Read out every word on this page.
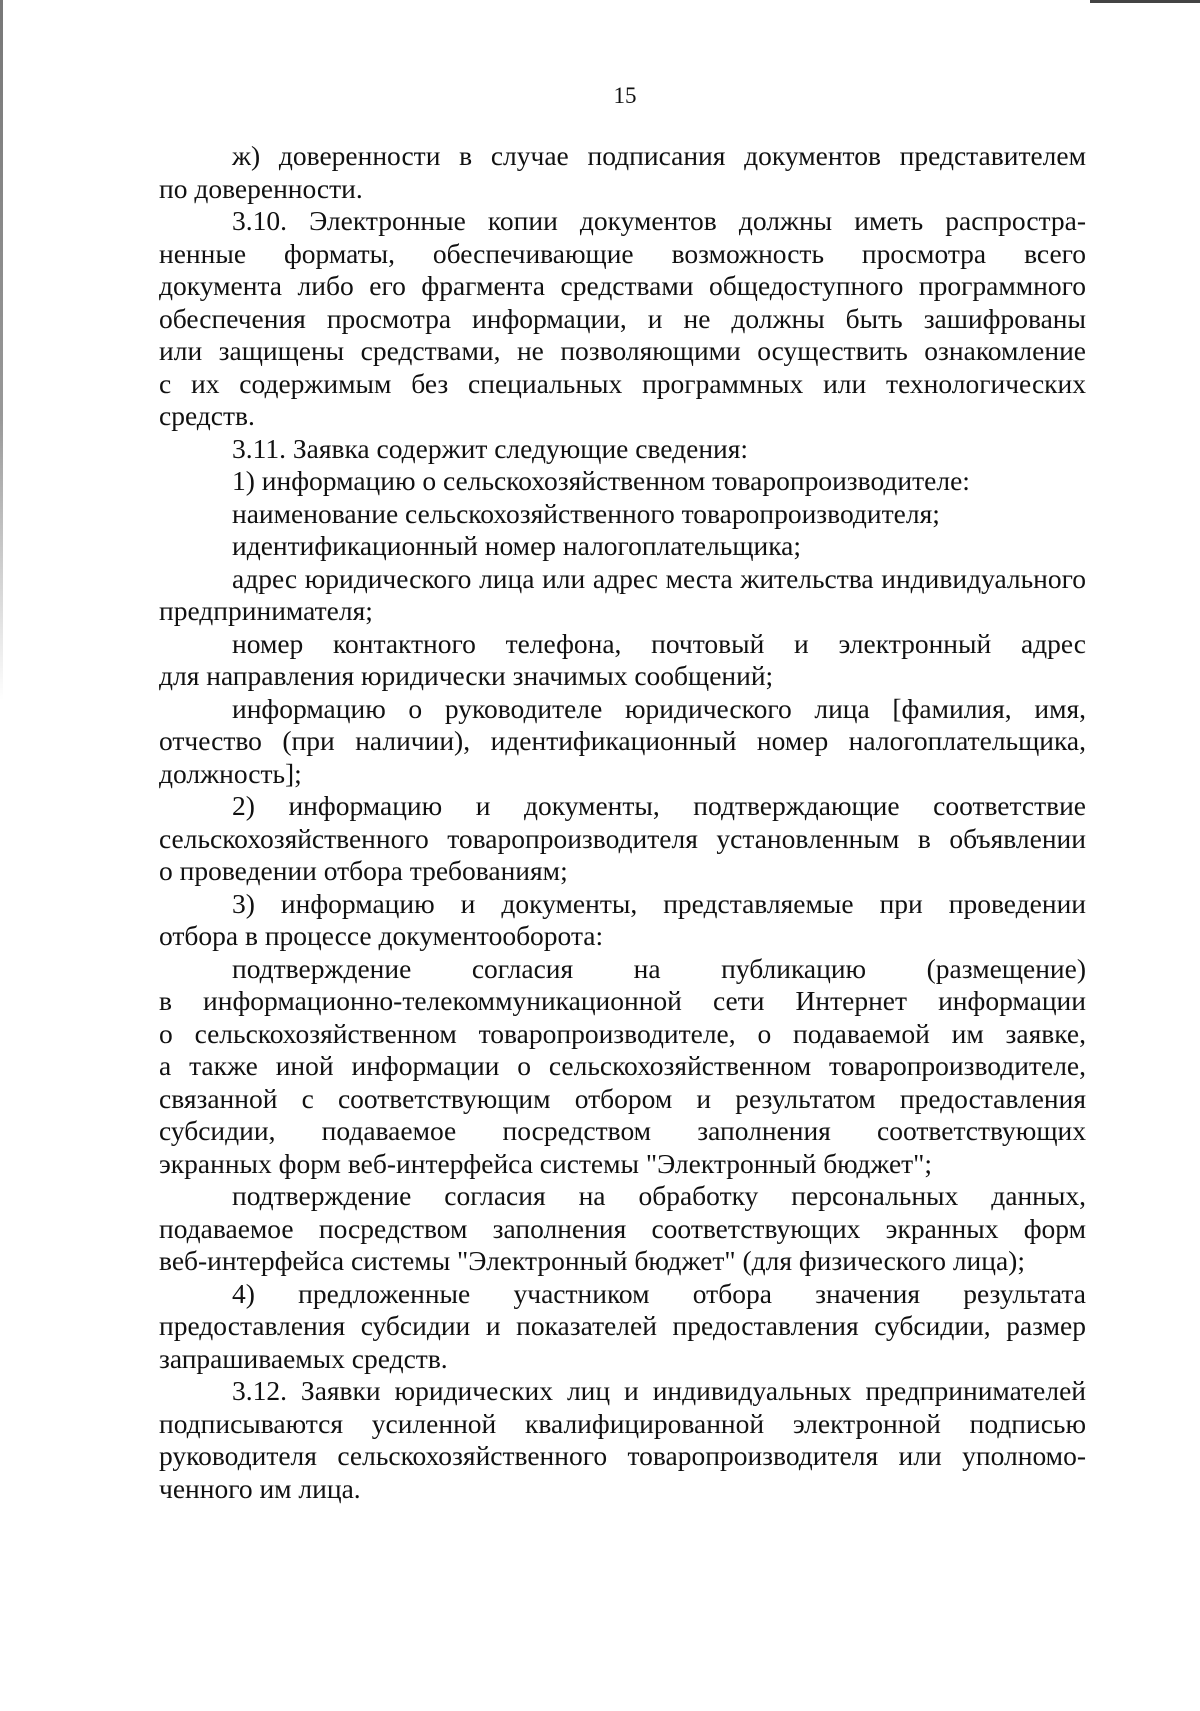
15
ж) доверенности в случае подписания документов представителем
по доверенности.
3.10. Электронные копии документов должны иметь распростра-
ненные форматы, обеспечивающие возможность просмотра всего
документа либо его фрагмента средствами общедоступного программного
обеспечения просмотра информации, и не должны быть зашифрованы
или защищены средствами, не позволяющими осуществить ознакомление
с их содержимым без специальных программных или технологических
средств.
3.11. Заявка содержит следующие сведения:
1) информацию о сельскохозяйственном товаропроизводителе:
наименование сельскохозяйственного товаропроизводителя;
идентификационный номер налогоплательщика;
адрес юридического лица или адрес места жительства индивидуального
предпринимателя;
номер контактного телефона, почтовый и электронный адрес
для направления юридически значимых сообщений;
информацию о руководителе юридического лица [фамилия, имя,
отчество (при наличии), идентификационный номер налогоплательщика,
должность];
2) информацию и документы, подтверждающие соответствие
сельскохозяйственного товаропроизводителя установленным в объявлении
о проведении отбора требованиям;
3) информацию и документы, представляемые при проведении
отбора в процессе документооборота:
подтверждение согласия на публикацию (размещение)
в информационно-телекоммуникационной сети Интернет информации
о сельскохозяйственном товаропроизводителе, о подаваемой им заявке,
а также иной информации о сельскохозяйственном товаропроизводителе,
связанной с соответствующим отбором и результатом предоставления
субсидии, подаваемое посредством заполнения соответствующих
экранных форм веб-интерфейса системы "Электронный бюджет";
подтверждение согласия на обработку персональных данных,
подаваемое посредством заполнения соответствующих экранных форм
веб-интерфейса системы "Электронный бюджет" (для физического лица);
4) предложенные участником отбора значения результата
предоставления субсидии и показателей предоставления субсидии, размер
запрашиваемых средств.
3.12. Заявки юридических лиц и индивидуальных предпринимателей
подписываются усиленной квалифицированной электронной подписью
руководителя сельскохозяйственного товаропроизводителя или уполномо-
ченного им лица.
